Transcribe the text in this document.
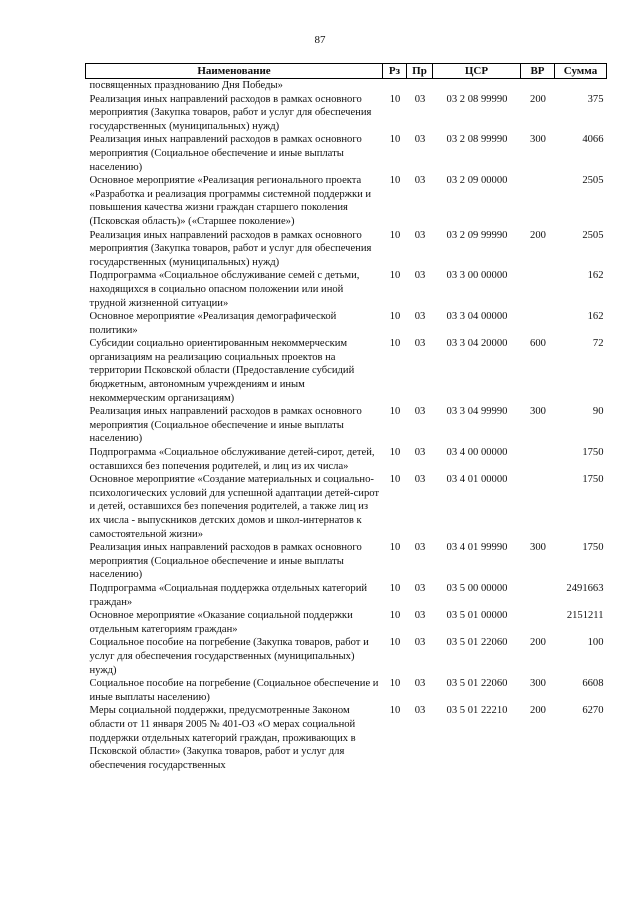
87
Наименование	Рз	Пр	ЦСР	ВР	Сумма
посвященных празднованию Дня Победы»					
Реализация иных направлений расходов в рамках основного мероприятия (Закупка товаров, работ и услуг для обеспечения государственных (муниципальных) нужд)	10	03	03 2 08 99990	200	375
Реализация иных направлений расходов в рамках основного мероприятия (Социальное обеспечение и иные выплаты населению)	10	03	03 2 08 99990	300	4066
Основное мероприятие «Реализация регионального проекта «Разработка и реализация программы системной поддержки и повышения качества жизни граждан старшего поколения (Псковская область)» («Старшее поколение»)	10	03	03 2 09 00000		2505
Реализация иных направлений расходов в рамках основного мероприятия (Закупка товаров, работ и услуг для обеспечения государственных (муниципальных) нужд)	10	03	03 2 09 99990	200	2505
Подпрограмма «Социальное обслуживание семей с детьми, находящихся в социально опасном положении или иной трудной жизненной ситуации»	10	03	03 3 00 00000		162
Основное мероприятие «Реализация демографической политики»	10	03	03 3 04 00000		162
Субсидии социально ориентированным некоммерческим организациям на реализацию социальных проектов на территории Псковской области (Предоставление субсидий бюджетным, автономным учреждениям и иным некоммерческим организациям)	10	03	03 3 04 20000	600	72
Реализация иных направлений расходов в рамках основного мероприятия (Социальное обеспечение и иные выплаты населению)	10	03	03 3 04 99990	300	90
Подпрограмма «Социальное обслуживание детей-сирот, детей, оставшихся без попечения родителей, и лиц из их числа»	10	03	03 4 00 00000		1750
Основное мероприятие «Создание материальных и социально-психологических условий для успешной адаптации детей-сирот и детей, оставшихся без попечения родителей, а также лиц из их числа - выпускников детских домов и школ-интернатов к самостоятельной жизни»	10	03	03 4 01 00000		1750
Реализация иных направлений расходов в рамках основного мероприятия (Социальное обеспечение и иные выплаты населению)	10	03	03 4 01 99990	300	1750
Подпрограмма «Социальная поддержка отдельных категорий граждан»	10	03	03 5 00 00000		2491663
Основное мероприятие «Оказание социальной поддержки отдельным категориям граждан»	10	03	03 5 01 00000		2151211
Социальное пособие на погребение (Закупка товаров, работ и услуг для обеспечения государственных (муниципальных) нужд)	10	03	03 5 01 22060	200	100
Социальное пособие на погребение (Социальное обеспечение и иные выплаты населению)	10	03	03 5 01 22060	300	6608
Меры социальной поддержки, предусмотренные Законом области от 11 января 2005 № 401-ОЗ «О мерах социальной поддержки отдельных категорий граждан, проживающих в Псковской области» (Закупка товаров, работ и услуг для обеспечения государственных	10	03	03 5 01 22210	200	6270
